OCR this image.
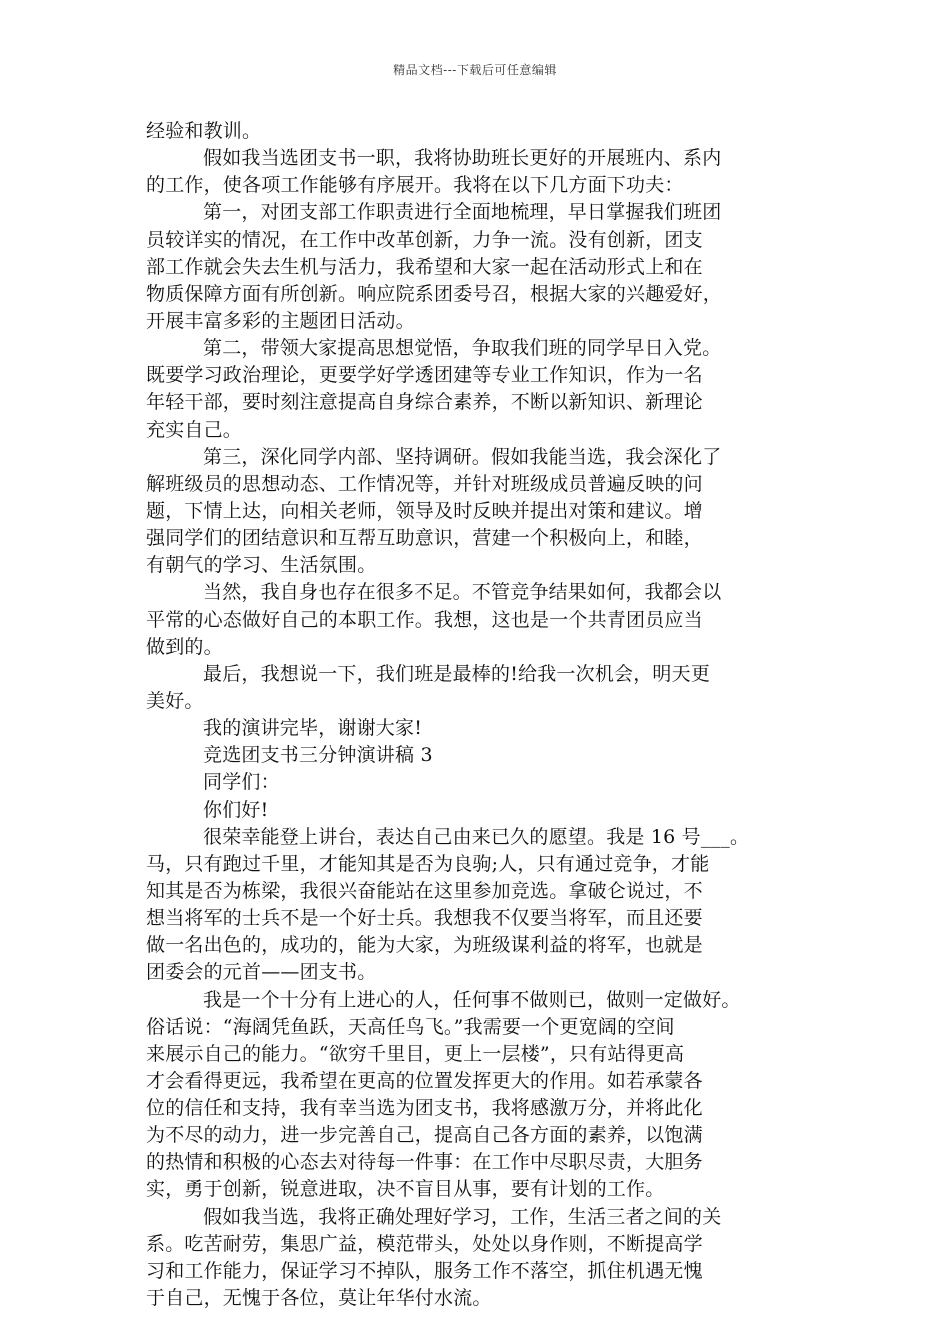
精品文档---下载后可任意编辑
经验和教训。
假如我当选团支书一职，我将协助班长更好的开展班内、系内
的工作，使各项工作能够有序展开。我将在以下几方面下功夫：
第一，对团支部工作职责进行全面地梳理，早日掌握我们班团
员较详实的情况，在工作中改革创新，力争一流。没有创新，团支
部工作就会失去生机与活力，我希望和大家一起在活动形式上和在
物质保障方面有所创新。响应院系团委号召，根据大家的兴趣爱好，
开展丰富多彩的主题团日活动。
第二，带领大家提高思想觉悟，争取我们班的同学早日入党。
既要学习政治理论，更要学好学透团建等专业工作知识，作为一名
年轻干部，要时刻注意提高自身综合素养，不断以新知识、新理论
充实自己。
第三，深化同学内部、坚持调研。假如我能当选，我会深化了
解班级员的思想动态、工作情况等，并针对班级成员普遍反映的问
题，下情上达，向相关老师，领导及时反映并提出对策和建议。增
强同学们的团结意识和互帮互助意识，营建一个积极向上，和睦，
有朝气的学习、生活氛围。
当然，我自身也存在很多不足。不管竞争结果如何，我都会以
平常的心态做好自己的本职工作。我想，这也是一个共青团员应当
做到的。
最后，我想说一下，我们班是最棒的!给我一次机会，明天更
美好。
我的演讲完毕，谢谢大家!
竞选团支书三分钟演讲稿 3
同学们：
你们好!
很荣幸能登上讲台，表达自己由来已久的愿望。我是 16 号___。
马，只有跑过千里，才能知其是否为良驹;人，只有通过竞争，才能
知其是否为栋梁，我很兴奋能站在这里参加竞选。拿破仑说过，不
想当将军的士兵不是一个好士兵。我想我不仅要当将军，而且还要
做一名出色的，成功的，能为大家，为班级谋利益的将军，也就是
团委会的元首——团支书。
我是一个十分有上进心的人，任何事不做则已，做则一定做好。
俗话说：“海阔凭鱼跃，天高任鸟飞。”我需要一个更宽阔的空间
来展示自己的能力。“欲穷千里目，更上一层楼”，只有站得更高
才会看得更远，我希望在更高的位置发挥更大的作用。如若承蒙各
位的信任和支持，我有幸当选为团支书，我将感激万分，并将此化
为不尽的动力，进一步完善自己，提高自己各方面的素养，以饱满
的热情和积极的心态去对待每一件事：在工作中尽职尽责，大胆务
实，勇于创新，锐意进取，决不盲目从事，要有计划的工作。
假如我当选，我将正确处理好学习，工作，生活三者之间的关
系。吃苦耐劳，集思广益，模范带头，处处以身作则，不断提高学
习和工作能力，保证学习不掉队，服务工作不落空，抓住机遇无愧
于自己，无愧于各位，莫让年华付水流。
